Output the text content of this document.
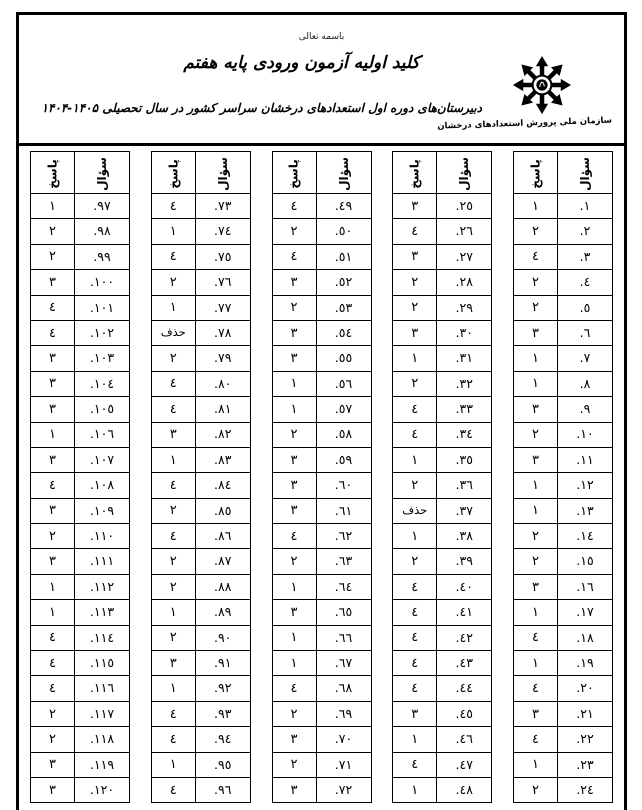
باسمه تعالی
کلید اولیه آزمون ورودی پایه هفتم
دبیرستان‌های دوره اول استعدادهای درخشان سراسر کشور در سال تحصیلی ۱۴۰۵-۱۴۰۴
سازمان ملی پرورش استعدادهای درخشان
سؤال	پاسخ
١.	١
٢.	٢
٣.	٤
٤.	٢
٥.	٢
٦.	٣
٧.	١
٨.	١
٩.	٣
١٠.	٢
١١.	٣
١٢.	١
١٣.	١
١٤.	٢
١٥.	٢
١٦.	٣
١٧.	١
١٨.	٤
١٩.	١
٢٠.	٤
٢١.	٣
٢٢.	٤
٢٣.	١
٢٤.	٢
سؤال	پاسخ
٢٥.	٣
٢٦.	٤
٢٧.	٣
٢٨.	٢
٢٩.	٢
٣٠.	٣
٣١.	١
٣٢.	٢
٣٣.	٤
٣٤.	٤
٣٥.	١
٣٦.	٢
٣٧.	حذف
٣٨.	١
٣٩.	٢
٤٠.	٤
٤١.	٤
٤٢.	٤
٤٣.	٤
٤٤.	٤
٤٥.	٣
٤٦.	١
٤٧.	٤
٤٨.	١
سؤال	پاسخ
٤٩.	٤
٥٠.	٢
٥١.	٤
٥٢.	٣
٥٣.	٢
٥٤.	٣
٥٥.	٣
٥٦.	١
٥٧.	١
٥٨.	٢
٥٩.	٣
٦٠.	٣
٦١.	٣
٦٢.	٤
٦٣.	٢
٦٤.	١
٦٥.	٣
٦٦.	١
٦٧.	١
٦٨.	٤
٦٩.	٢
٧٠.	٣
٧١.	٢
٧٢.	٣
سؤال	پاسخ
٧٣.	٤
٧٤.	١
٧٥.	٤
٧٦.	٢
٧٧.	١
٧٨.	حذف
٧٩.	٢
٨٠.	٤
٨١.	٤
٨٢.	٣
٨٣.	١
٨٤.	٤
٨٥.	٢
٨٦.	٤
٨٧.	٢
٨٨.	٢
٨٩.	١
٩٠.	٢
٩١.	٣
٩٢.	١
٩٣.	٤
٩٤.	٤
٩٥.	١
٩٦.	٤
سؤال	پاسخ
٩٧.	١
٩٨.	٢
٩٩.	٢
١٠٠.	٣
١٠١.	٤
١٠٢.	٤
١٠٣.	٣
١٠٤.	٣
١٠٥.	٣
١٠٦.	١
١٠٧.	٣
١٠٨.	٤
١٠٩.	٣
١١٠.	٢
١١١.	٣
١١٢.	١
١١٣.	١
١١٤.	٤
١١٥.	٤
١١٦.	٤
١١٧.	٢
١١٨.	٢
١١٩.	٣
١٢٠.	٣
